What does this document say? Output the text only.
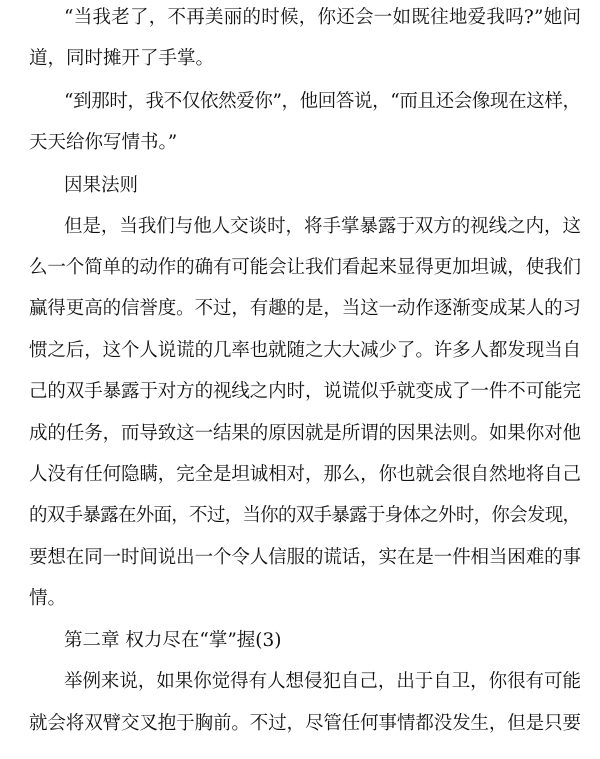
“当我老了，不再美丽的时候，你还会一如既往地爱我吗?”她问
道，同时摊开了手掌。
“到那时，我不仅依然爱你”，他回答说，“而且还会像现在这样，
天天给你写情书。”
因果法则
但是，当我们与他人交谈时，将手掌暴露于双方的视线之内，这
么一个简单的动作的确有可能会让我们看起来显得更加坦诚，使我们
赢得更高的信誉度。不过，有趣的是，当这一动作逐渐变成某人的习
惯之后，这个人说谎的几率也就随之大大减少了。许多人都发现当自
己的双手暴露于对方的视线之内时，说谎似乎就变成了一件不可能完
成的任务，而导致这一结果的原因就是所谓的因果法则。如果你对他
人没有任何隐瞒，完全是坦诚相对，那么，你也就会很自然地将自己
的双手暴露在外面，不过，当你的双手暴露于身体之外时，你会发现，
要想在同一时间说出一个令人信服的谎话，实在是一件相当困难的事
情。
第二章 权力尽在“掌”握(3)
举例来说，如果你觉得有人想侵犯自己，出于自卫，你很有可能
就会将双臂交叉抱于胸前。不过，尽管任何事情都没发生，但是只要
